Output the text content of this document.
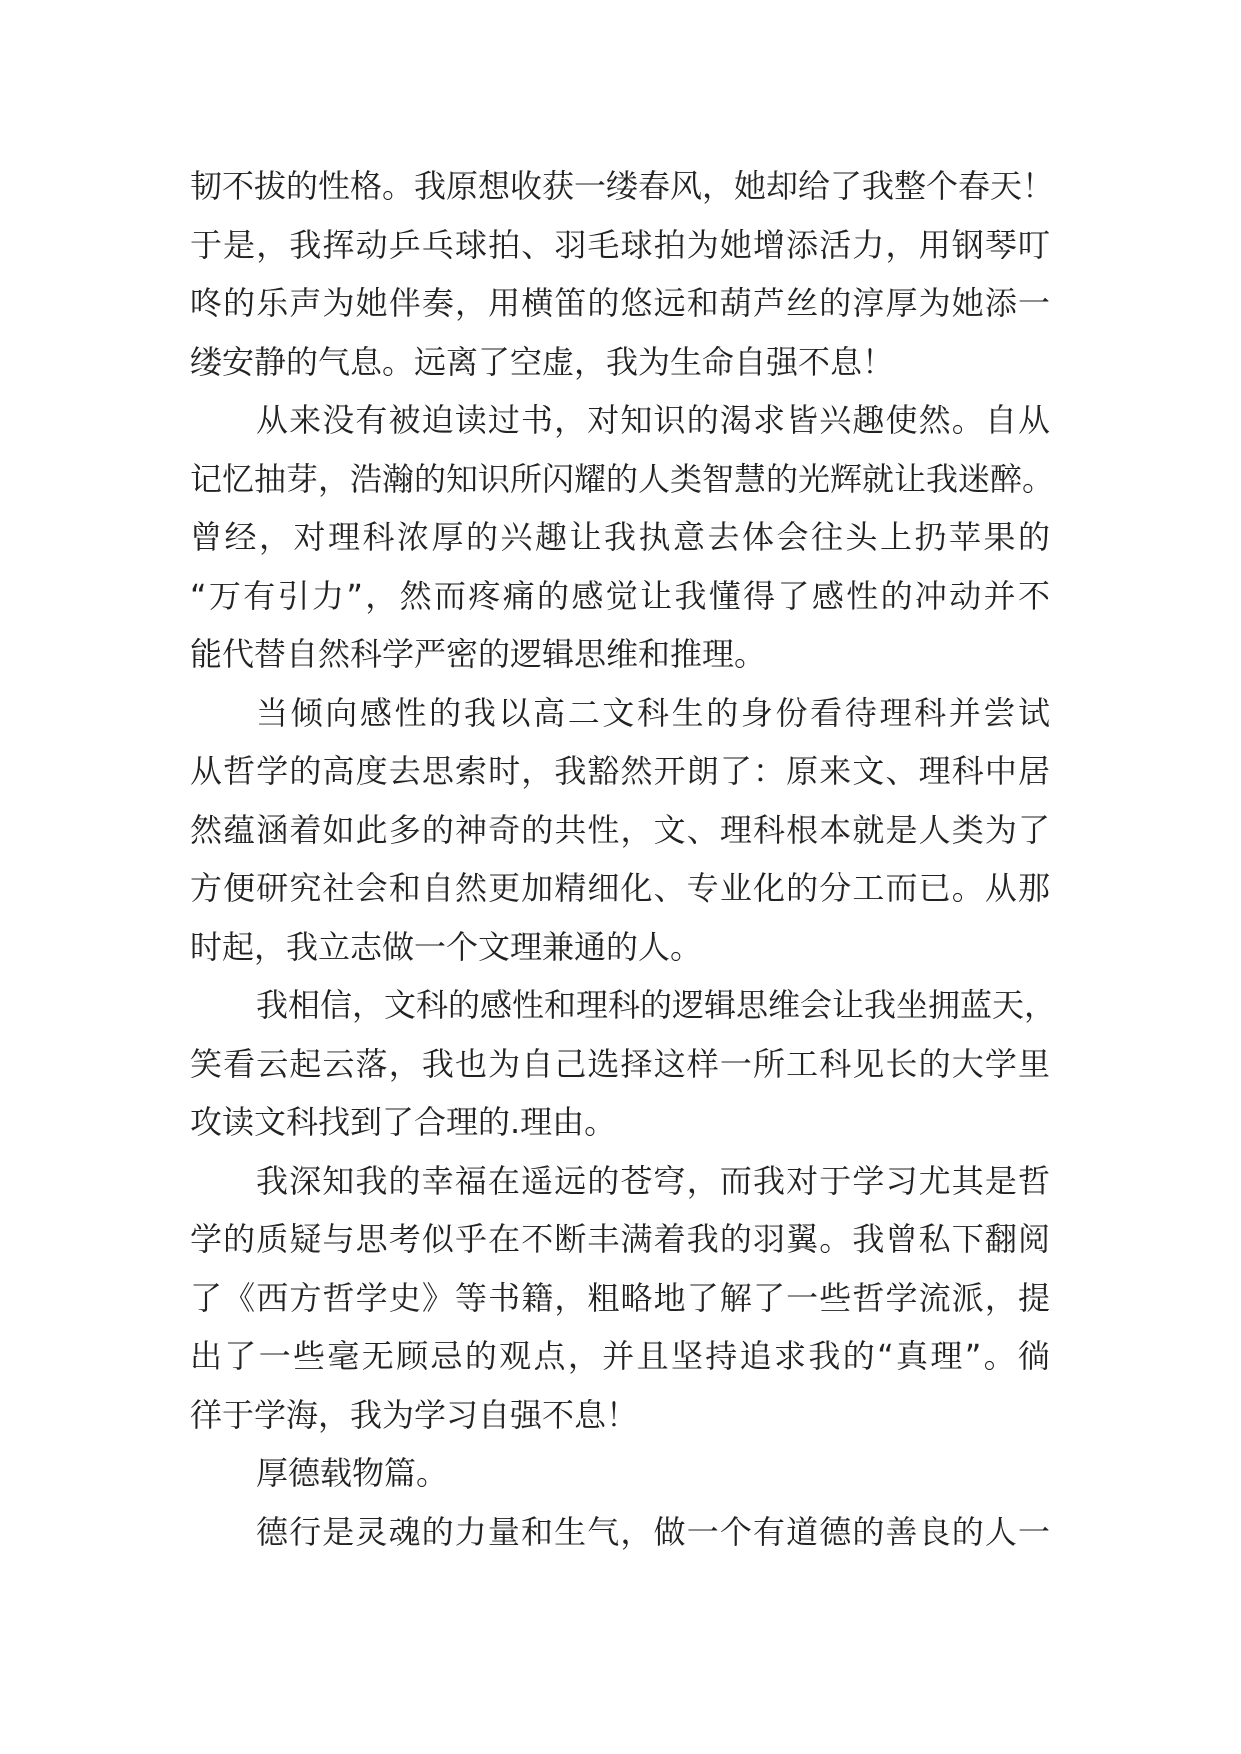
韧不拔的性格。我原想收获一缕春风，她却给了我整个春天！
于是，我挥动乒乓球拍、羽毛球拍为她增添活力，用钢琴叮
咚的乐声为她伴奏，用横笛的悠远和葫芦丝的淳厚为她添一
缕安静的气息。远离了空虚，我为生命自强不息！
从来没有被迫读过书，对知识的渴求皆兴趣使然。自从
记忆抽芽，浩瀚的知识所闪耀的人类智慧的光辉就让我迷醉。
曾经，对理科浓厚的兴趣让我执意去体会往头上扔苹果的
“万有引力”，然而疼痛的感觉让我懂得了感性的冲动并不
能代替自然科学严密的逻辑思维和推理。
当倾向感性的我以高二文科生的身份看待理科并尝试
从哲学的高度去思索时，我豁然开朗了：原来文、理科中居
然蕴涵着如此多的神奇的共性，文、理科根本就是人类为了
方便研究社会和自然更加精细化、专业化的分工而已。从那
时起，我立志做一个文理兼通的人。
我相信，文科的感性和理科的逻辑思维会让我坐拥蓝天，
笑看云起云落，我也为自己选择这样一所工科见长的大学里
攻读文科找到了合理的.理由。
我深知我的幸福在遥远的苍穹，而我对于学习尤其是哲
学的质疑与思考似乎在不断丰满着我的羽翼。我曾私下翻阅
了《西方哲学史》等书籍，粗略地了解了一些哲学流派，提
出了一些毫无顾忌的观点，并且坚持追求我的“真理”。徜
徉于学海，我为学习自强不息！
厚德载物篇。
德行是灵魂的力量和生气，做一个有道德的善良的人一
